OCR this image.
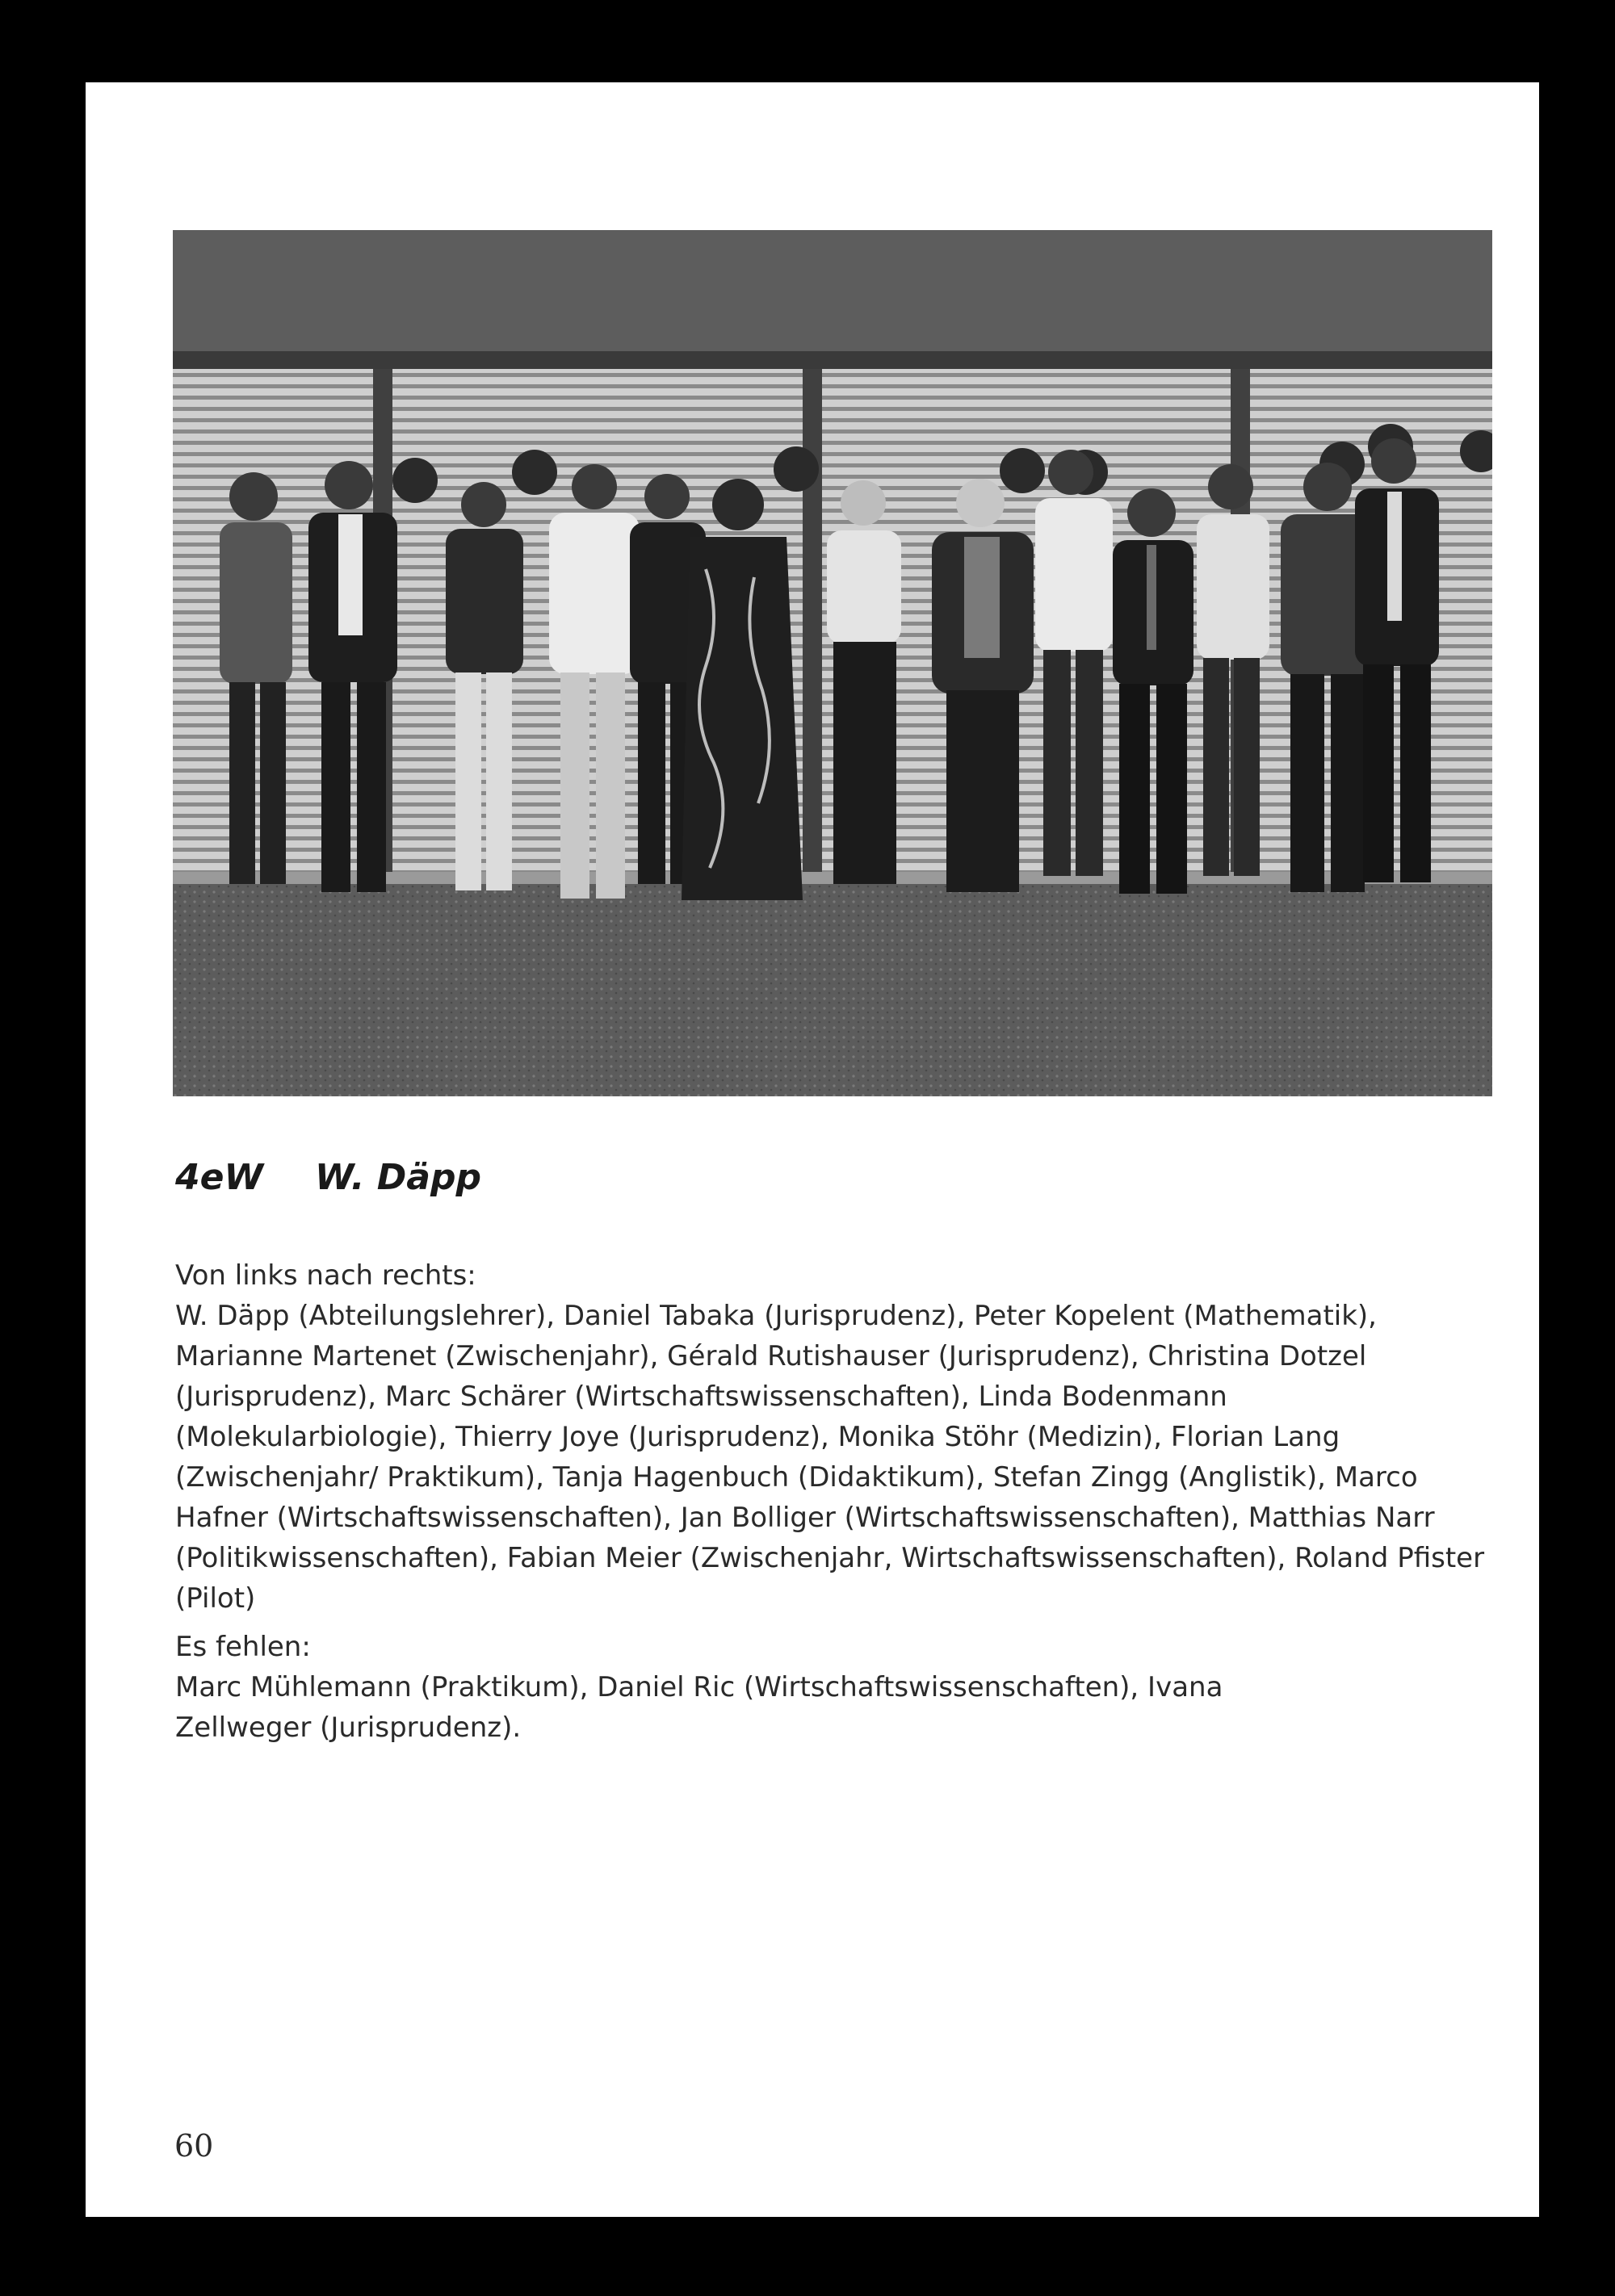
4eW W. Däpp
Von links nach rechts:
W. Däpp (Abteilungslehrer), Daniel Tabaka (Jurisprudenz), Peter Kopelent (Mathematik), Marianne Martenet (Zwischenjahr), Gérald Rutishauser (Jurisprudenz), Christina Dotzel (Jurisprudenz), Marc Schärer (Wirtschaftswissenschaften), Linda Bodenmann (Molekularbiologie), Thierry Joye (Jurisprudenz), Monika Stöhr (Medizin), Florian Lang (Zwischenjahr/ Praktikum), Tanja Hagenbuch (Didaktikum), Stefan Zingg (Anglistik), Marco Hafner (Wirtschaftswissenschaften), Jan Bolliger (Wirtschaftswissenschaften), Matthias Narr (Politikwissenschaften), Fabian Meier (Zwischenjahr, Wirtschaftswissenschaften), Roland Pfister (Pilot)
Es fehlen:
Marc Mühlemann (Praktikum), Daniel Ric (Wirtschaftswissenschaften), Ivana Zellweger (Jurisprudenz).
60
